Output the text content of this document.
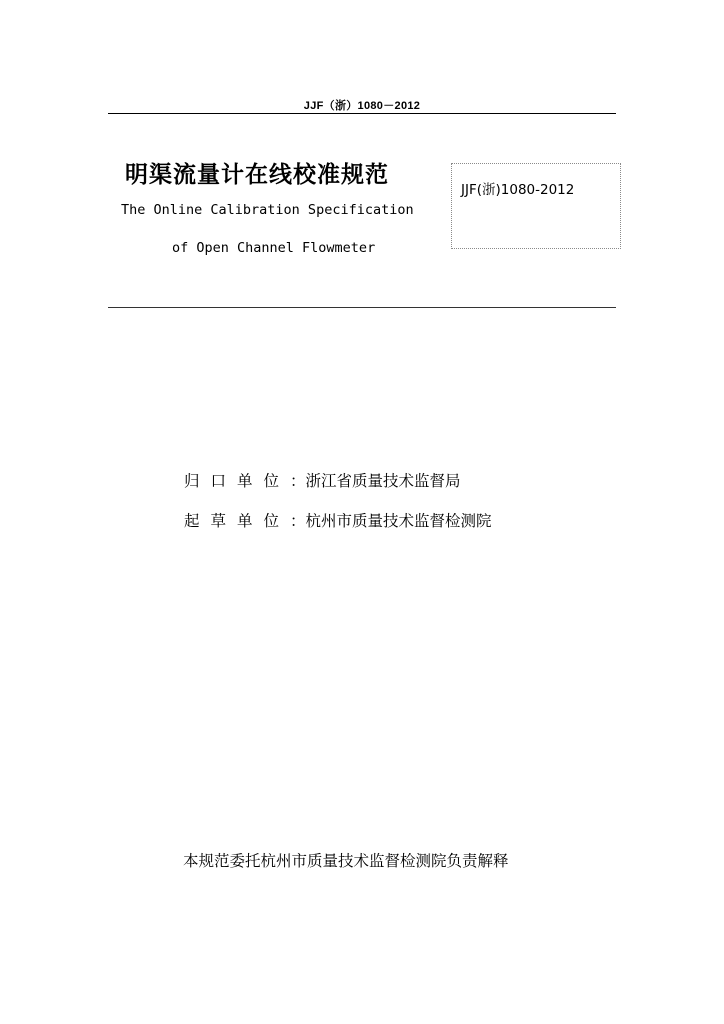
JJF（浙）1080－2012
明渠流量计在线校准规范
The Online Calibration Specification
of Open Channel Flowmeter
JJF(浙)1080-2012
归口单位：浙江省质量技术监督局
起草单位：杭州市质量技术监督检测院
本规范委托杭州市质量技术监督检测院负责解释
